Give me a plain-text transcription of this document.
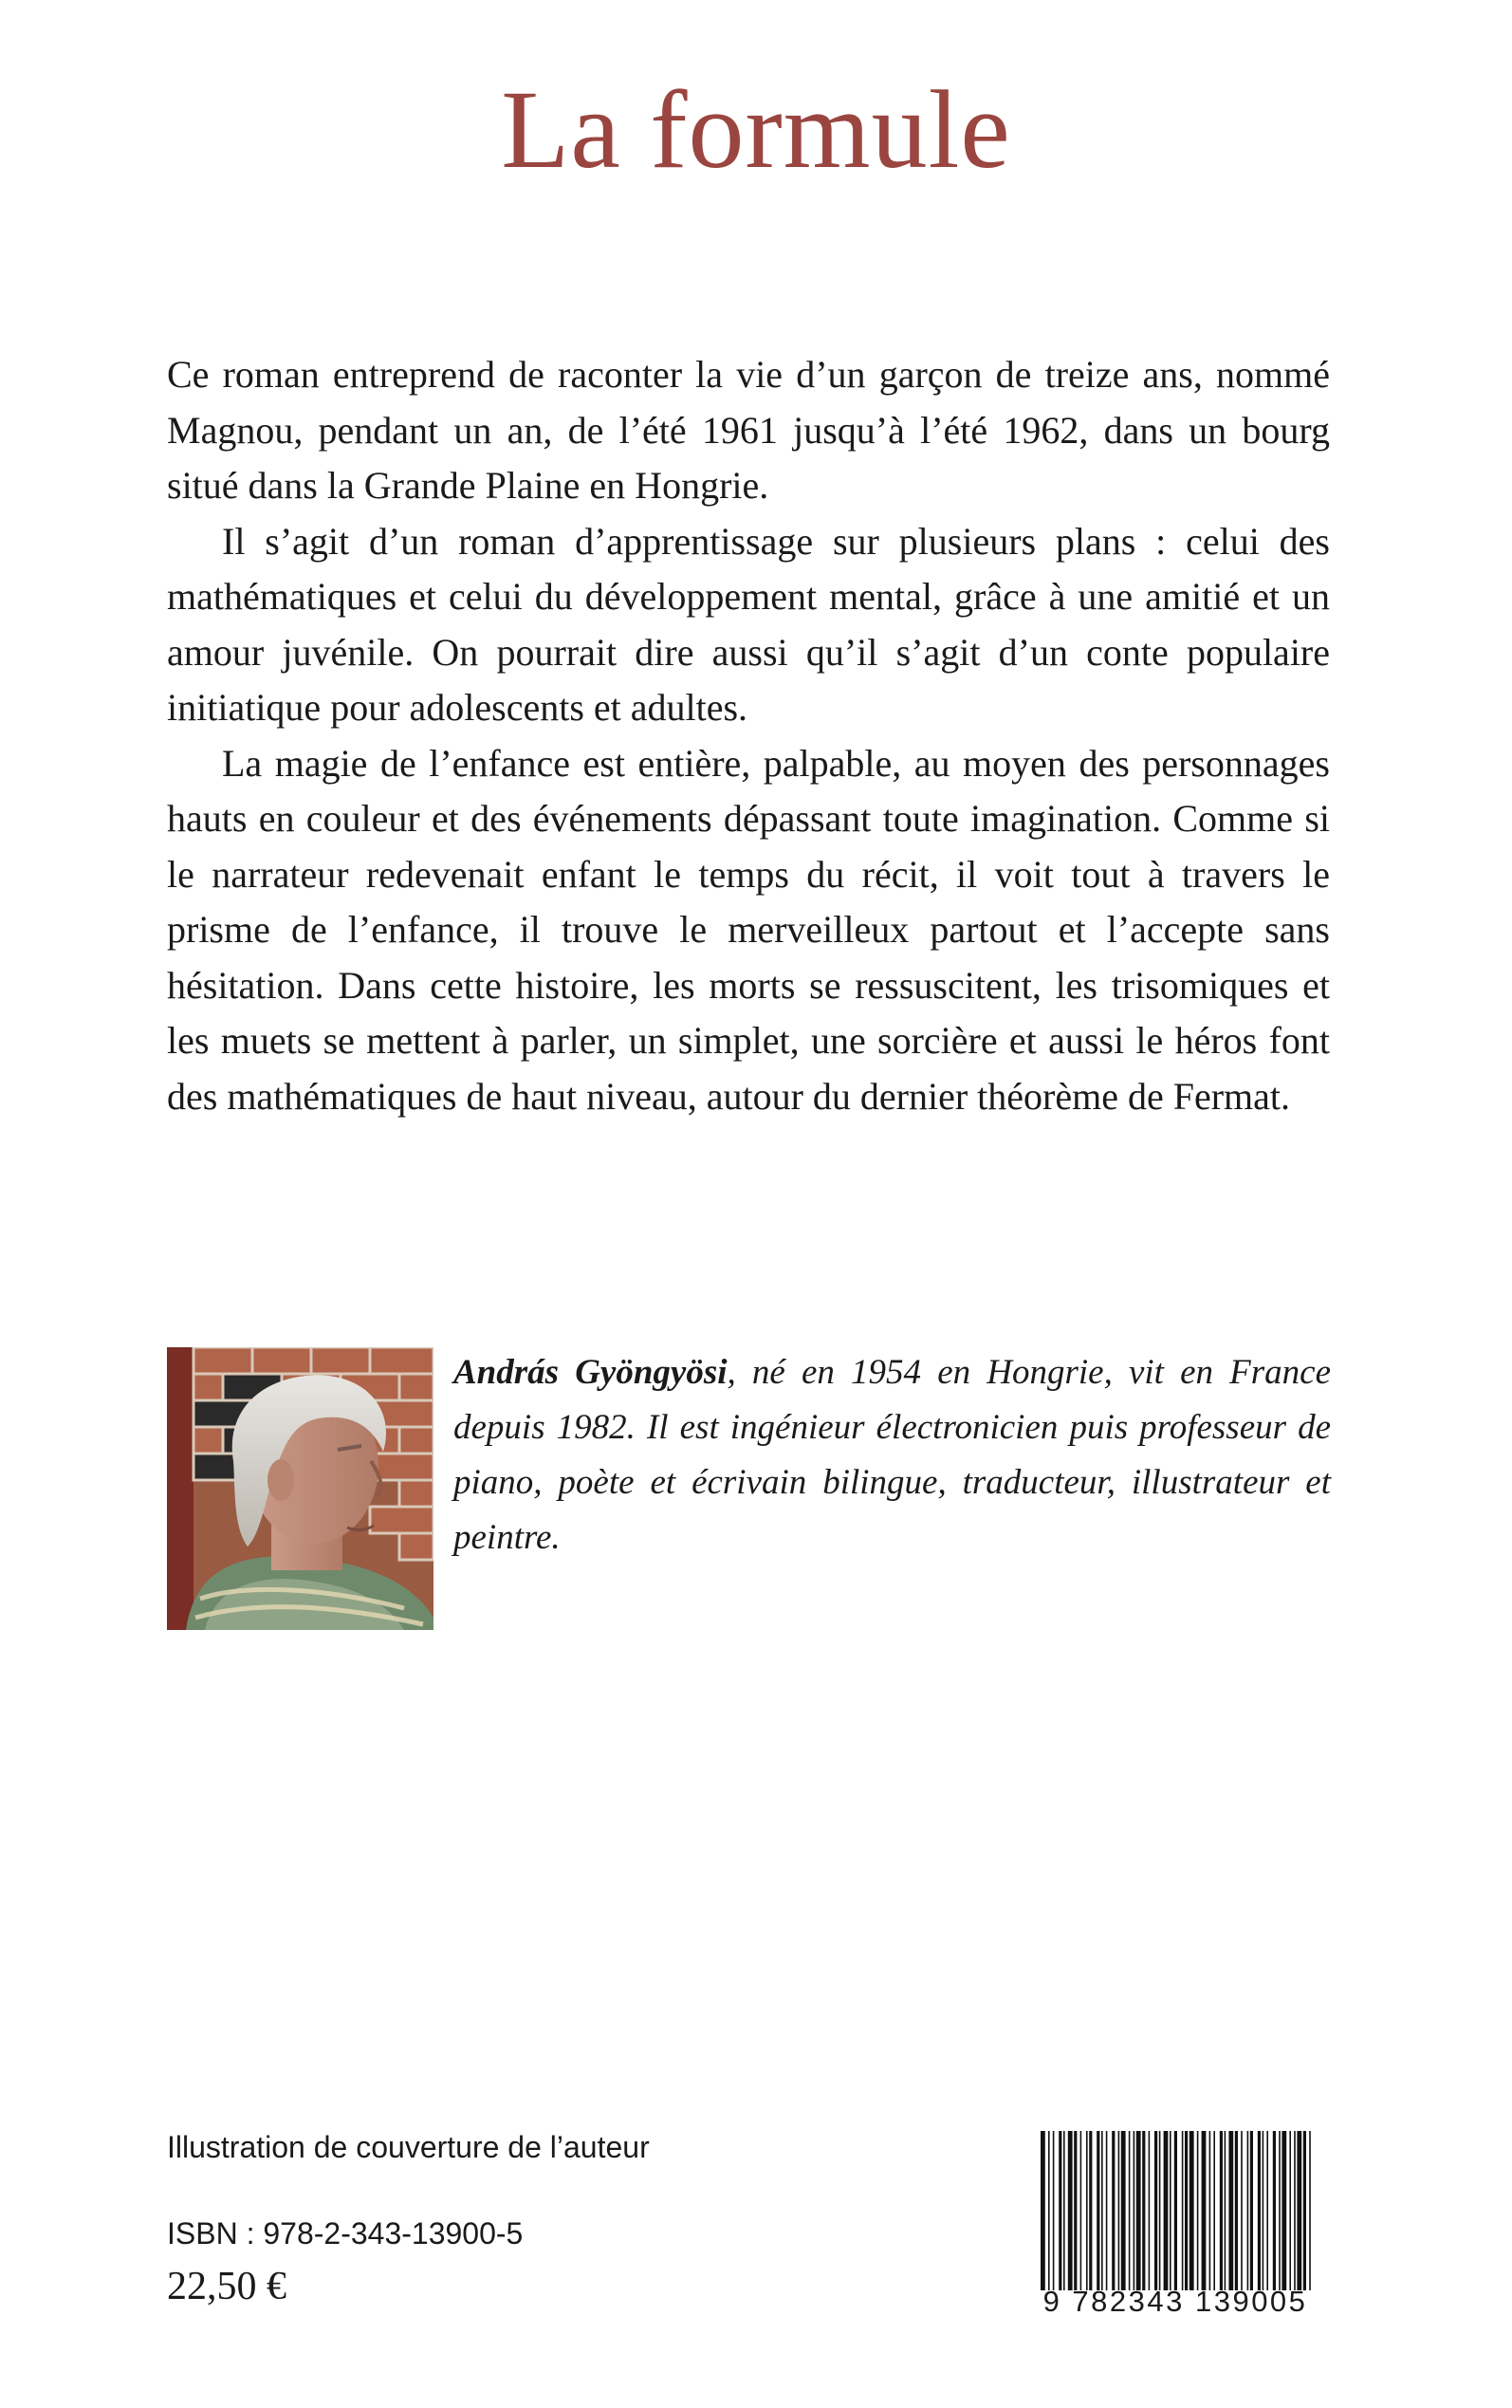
La formule

Ce roman entreprend de raconter la vie d’un garçon de treize ans, nommé Magnou, pendant un an, de l’été 1961 jusqu’à l’été 1962, dans un bourg situé dans la Grande Plaine en Hongrie.

Il s’agit d’un roman d’apprentissage sur plusieurs plans : celui des mathématiques et celui du développement mental, grâce à une amitié et un amour juvénile. On pourrait dire aussi qu’il s’agit d’un conte populaire initiatique pour adolescents et adultes.

La magie de l’enfance est entière, palpable, au moyen des personnages hauts en couleur et des événements dépassant toute imagination. Comme si le narrateur redevenait enfant le temps du récit, il voit tout à travers le prisme de l’enfance, il trouve le merveilleux partout et l’accepte sans hésitation. Dans cette histoire, les morts se ressuscitent, les trisomiques et les muets se mettent à parler, un simplet, une sorcière et aussi le héros font des mathématiques de haut niveau, autour du dernier théorème de Fermat.

András Gyöngyösi, né en 1954 en Hongrie, vit en France depuis 1982. Il est ingénieur électronicien puis professeur de piano, poète et écrivain bilingue, traducteur, illustrateur et peintre.

Illustration de couverture de l’auteur

ISBN : 978-2-343-13900-5

22,50 €	9 782343 139005
